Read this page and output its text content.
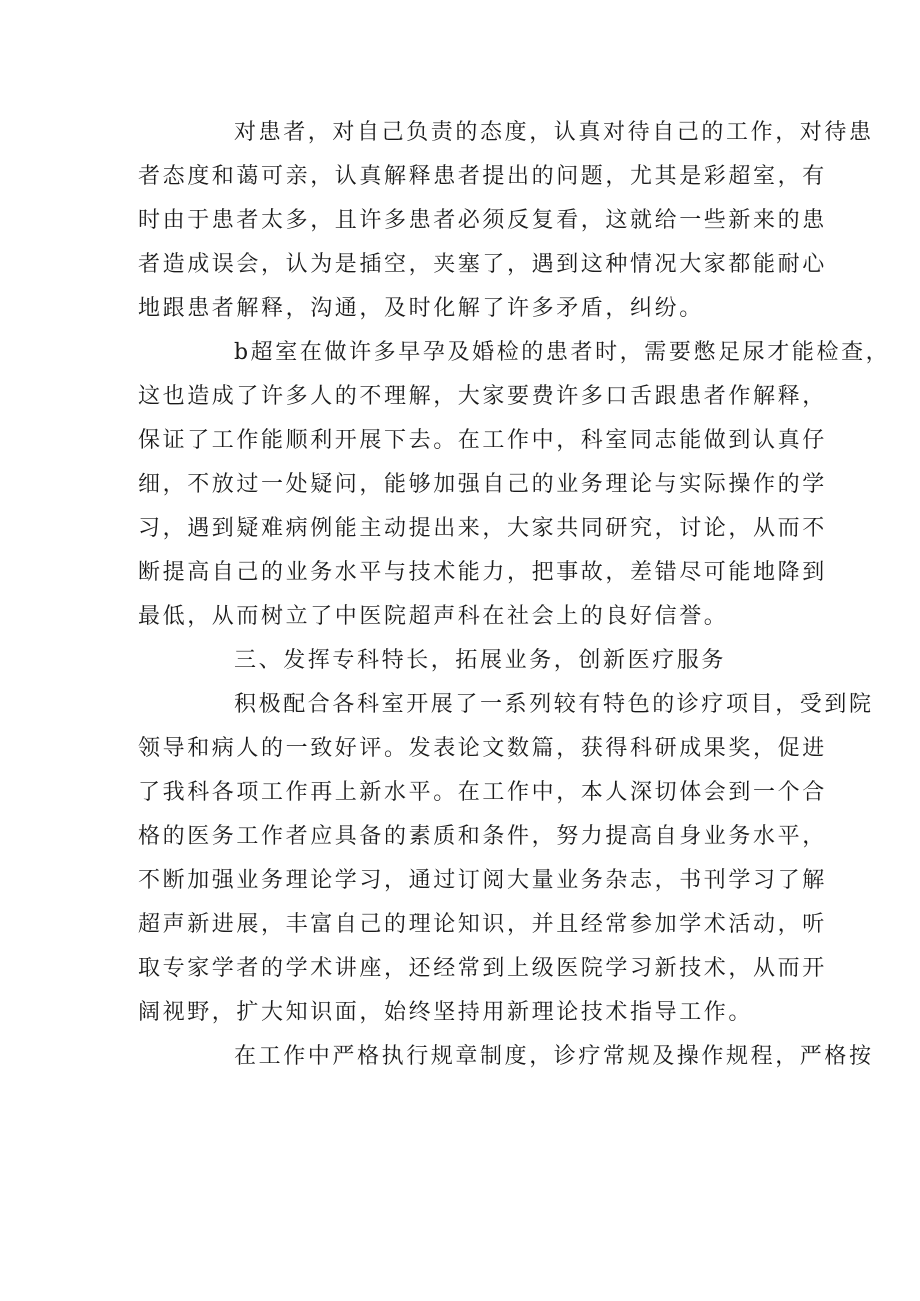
对患者，对自己负责的态度，认真对待自己的工作，对待患
者态度和蔼可亲，认真解释患者提出的问题，尤其是彩超室，有
时由于患者太多，且许多患者必须反复看，这就给一些新来的患
者造成误会，认为是插空，夹塞了，遇到这种情况大家都能耐心
地跟患者解释，沟通，及时化解了许多矛盾，纠纷。
b超室在做许多早孕及婚检的患者时，需要憋足尿才能检查，
这也造成了许多人的不理解，大家要费许多口舌跟患者作解释，
保证了工作能顺利开展下去。在工作中，科室同志能做到认真仔
细，不放过一处疑问，能够加强自己的业务理论与实际操作的学
习，遇到疑难病例能主动提出来，大家共同研究，讨论，从而不
断提高自己的业务水平与技术能力，把事故，差错尽可能地降到
最低，从而树立了中医院超声科在社会上的良好信誉。
三、发挥专科特长，拓展业务，创新医疗服务
积极配合各科室开展了一系列较有特色的诊疗项目，受到院
领导和病人的一致好评。发表论文数篇，获得科研成果奖，促进
了我科各项工作再上新水平。在工作中，本人深切体会到一个合
格的医务工作者应具备的素质和条件，努力提高自身业务水平，
不断加强业务理论学习，通过订阅大量业务杂志，书刊学习了解
超声新进展，丰富自己的理论知识，并且经常参加学术活动，听
取专家学者的学术讲座，还经常到上级医院学习新技术，从而开
阔视野，扩大知识面，始终坚持用新理论技术指导工作。
在工作中严格执行规章制度，诊疗常规及操作规程，严格按
